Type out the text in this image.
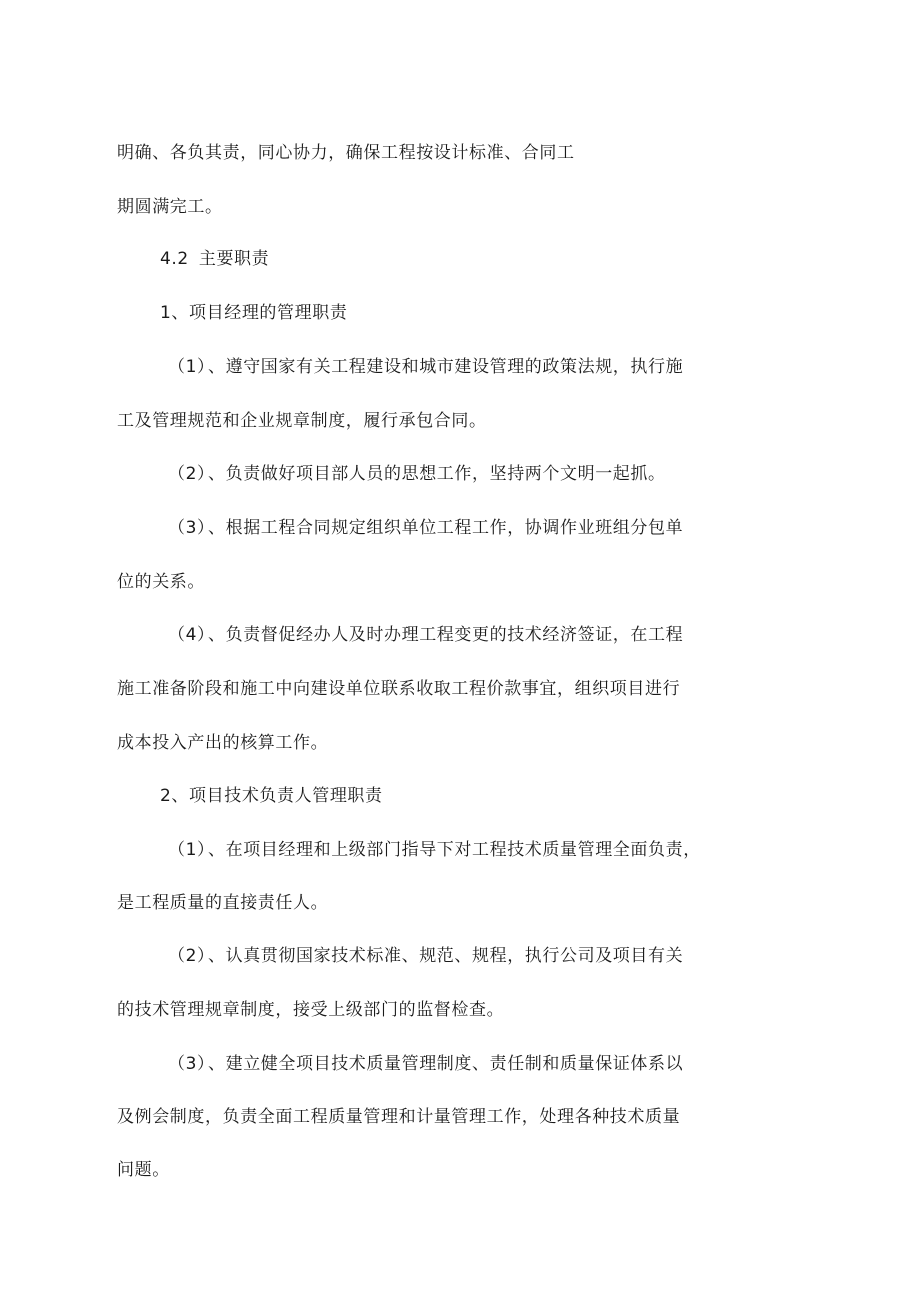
明确、各负其责，同心协力，确保工程按设计标准、合同工
期圆满完工。
4.2 主要职责
1、项目经理的管理职责
（1）、遵守国家有关工程建设和城市建设管理的政策法规，执行施
工及管理规范和企业规章制度，履行承包合同。
（2）、负责做好项目部人员的思想工作，坚持两个文明一起抓。
（3）、根据工程合同规定组织单位工程工作，协调作业班组分包单
位的关系。
（4）、负责督促经办人及时办理工程变更的技术经济签证，在工程
施工准备阶段和施工中向建设单位联系收取工程价款事宜，组织项目进行
成本投入产出的核算工作。
2、项目技术负责人管理职责
（1）、在项目经理和上级部门指导下对工程技术质量管理全面负责，
是工程质量的直接责任人。
（2）、认真贯彻国家技术标准、规范、规程，执行公司及项目有关
的技术管理规章制度，接受上级部门的监督检查。
（3）、建立健全项目技术质量管理制度、责任制和质量保证体系以
及例会制度，负责全面工程质量管理和计量管理工作，处理各种技术质量
问题。
